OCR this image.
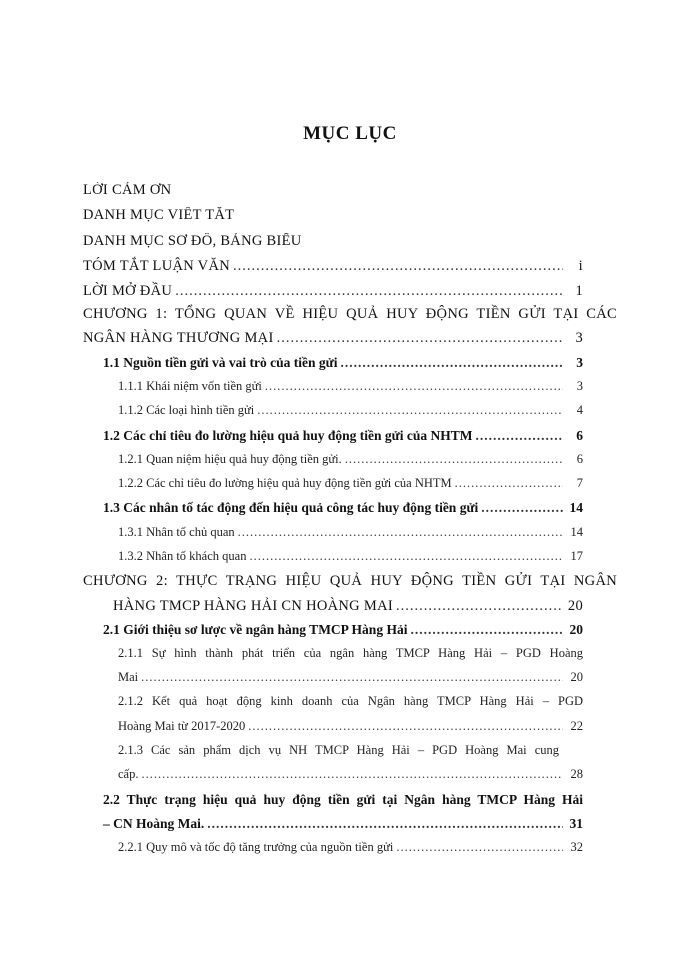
MỤC LỤC
LỜI CẢM ƠN
DANH MỤC VIẾT TẮT
DANH MỤC SƠ ĐỒ, BẢNG BIỂU
TÓM TẮT LUẬN VĂN .....	i
LỜI MỞ ĐẦU .....	1
CHƯƠNG 1: TỔNG QUAN VỀ HIỆU QUẢ HUY ĐỘNG TIỀN GỬI TẠI CÁC
NGÂN HÀNG THƯƠNG MẠI .....	3
1.1 Nguồn tiền gửi và vai trò của tiền gửi .....	3
1.1.1 Khái niệm vốn tiền gửi .....	3
1.1.2 Các loại hình tiền gửi .....	4
1.2 Các chỉ tiêu đo lường hiệu quả huy động tiền gửi của NHTM .....	6
1.2.1 Quan niệm hiệu quả huy động tiền gửi. .....	6
1.2.2 Các chỉ tiêu đo lường hiệu quả huy động tiền gửi của NHTM .....	7
1.3 Các nhân tố tác động đến hiệu quả công tác huy động tiền gửi .....	14
1.3.1 Nhân tố chủ quan .....	14
1.3.2 Nhân tố khách quan .....	17
CHƯƠNG 2: THỰC TRẠNG HIỆU QUẢ HUY ĐỘNG TIỀN GỬI TẠI NGÂN
HÀNG TMCP HÀNG HẢI CN HOÀNG MAI .....	20
2.1 Giới thiệu sơ lược về ngân hàng TMCP Hàng Hải .....	20
2.1.1 Sự hình thành phát triển của ngân hàng TMCP Hàng Hải – PGD Hoàng
Mai .....	20
2.1.2 Kết quả hoạt động kinh doanh của Ngân hàng TMCP Hàng Hải – PGD
Hoàng Mai từ 2017-2020 .....	22
2.1.3 Các sản phẩm dịch vụ NH TMCP Hàng Hải – PGD Hoàng Mai cung
cấp. .....	28
2.2 Thực trạng hiệu quả huy động tiền gửi tại Ngân hàng TMCP Hàng Hải
– CN Hoàng Mai. .....	31
2.2.1 Quy mô và tốc độ tăng trưởng của nguồn tiền gửi .....	32
